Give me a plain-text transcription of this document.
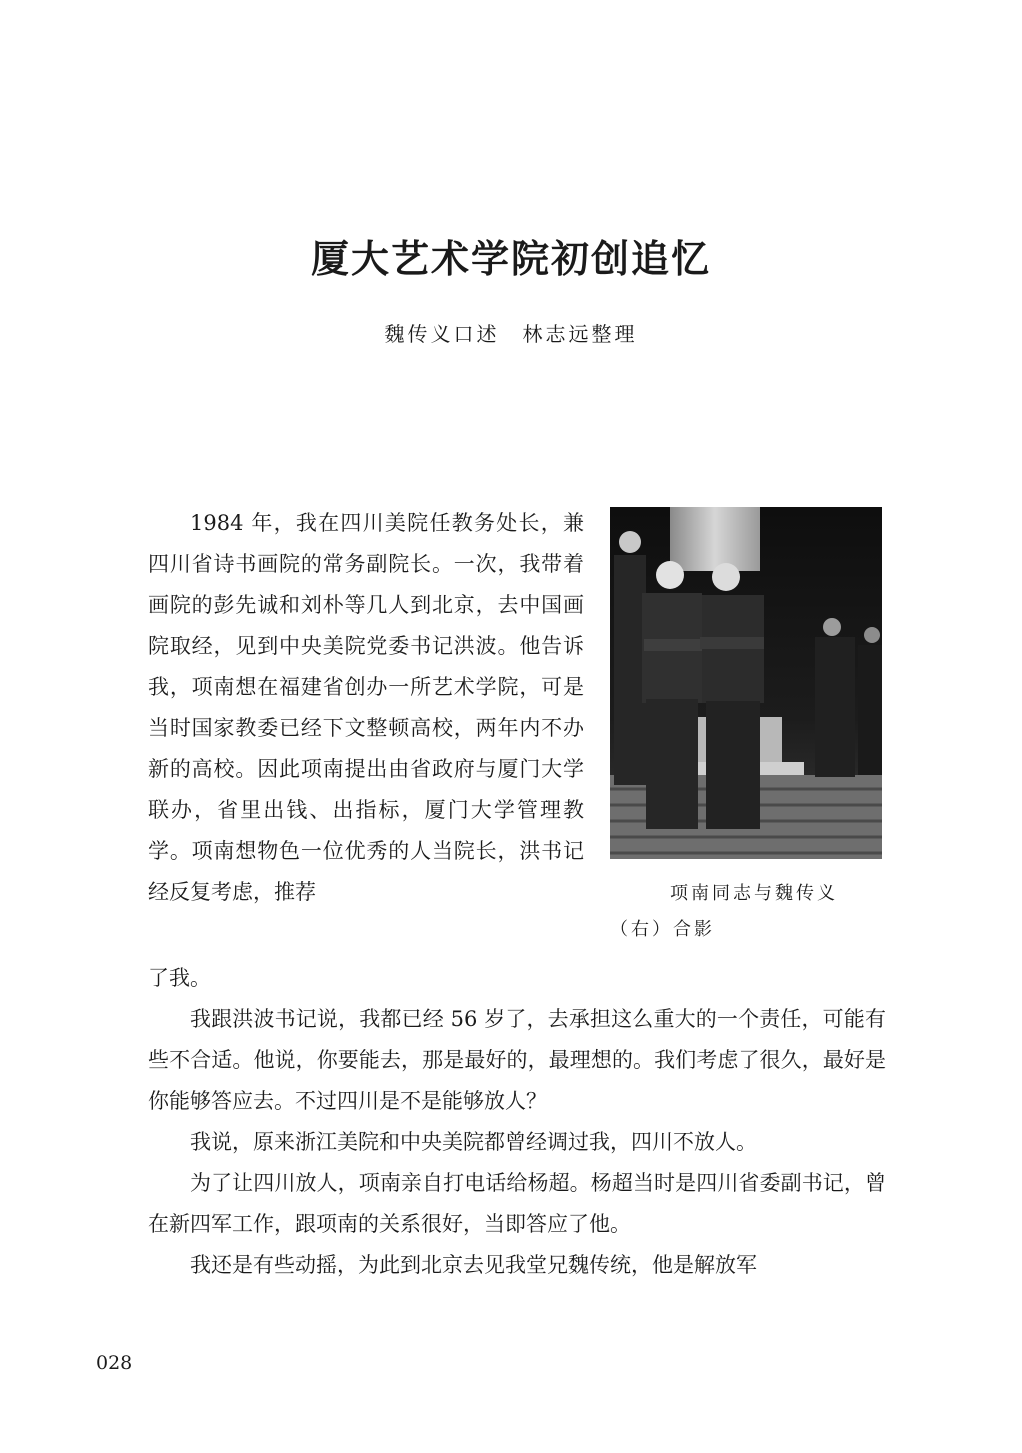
厦大艺术学院初创追忆
魏传义口述　林志远整理

1984 年，我在四川美院任教务处长，兼四川省诗书画院的常务副院长。一次，我带着画院的彭先诚和刘朴等几人到北京，去中国画院取经，见到中央美院党委书记洪波。他告诉我，项南想在福建省创办一所艺术学院，可是当时国家教委已经下文整顿高校，两年内不办新的高校。因此项南提出由省政府与厦门大学联办，省里出钱、出指标，厦门大学管理教学。项南想物色一位优秀的人当院长，洪书记经反复考虑，推荐	项南同志与魏传义
（右）合影

了我。

我跟洪波书记说，我都已经 56 岁了，去承担这么重大的一个责任，可能有些不合适。他说，你要能去，那是最好的，最理想的。我们考虑了很久，最好是你能够答应去。不过四川是不是能够放人？

我说，原来浙江美院和中央美院都曾经调过我，四川不放人。

为了让四川放人，项南亲自打电话给杨超。杨超当时是四川省委副书记，曾在新四军工作，跟项南的关系很好，当即答应了他。

我还是有些动摇，为此到北京去见我堂兄魏传统，他是解放军

028
